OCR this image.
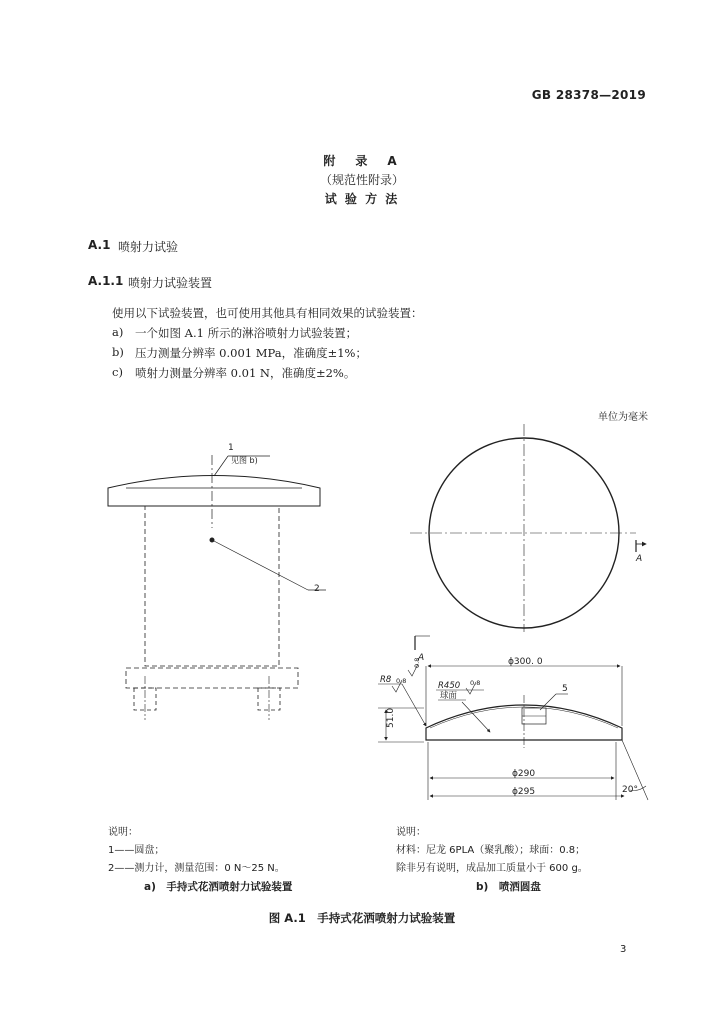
GB 28378—2019
附　录　A
（规范性附录）
试 验 方 法
A.1 喷射力试验
A.1.1 喷射力试验装置
使用以下试验装置，也可使用其他具有相同效果的试验装置：
a) 一个如图 A.1 所示的淋浴喷射力试验装置；
b) 压力测量分辨率 0.001 MPa，准确度±1%；
c) 喷射力测量分辨率 0.01 N，准确度±2%。
单位为毫米
1
见图 b)
2
A
A	ϕ300. 0
R8 0.8
0.8
R450 0.8
球面
5
51.0
ϕ290
ϕ295	20°
说明：
1——圆盘；
2——测力计，测量范围：0 N～25 N。
a)　手持式花洒喷射力试验装置
说明：
材料：尼龙 6PLA（聚乳酸）；球面：0.8；
除非另有说明，成品加工质量小于 600 g。
b)　喷洒圆盘
图 A.1　手持式花洒喷射力试验装置
3
